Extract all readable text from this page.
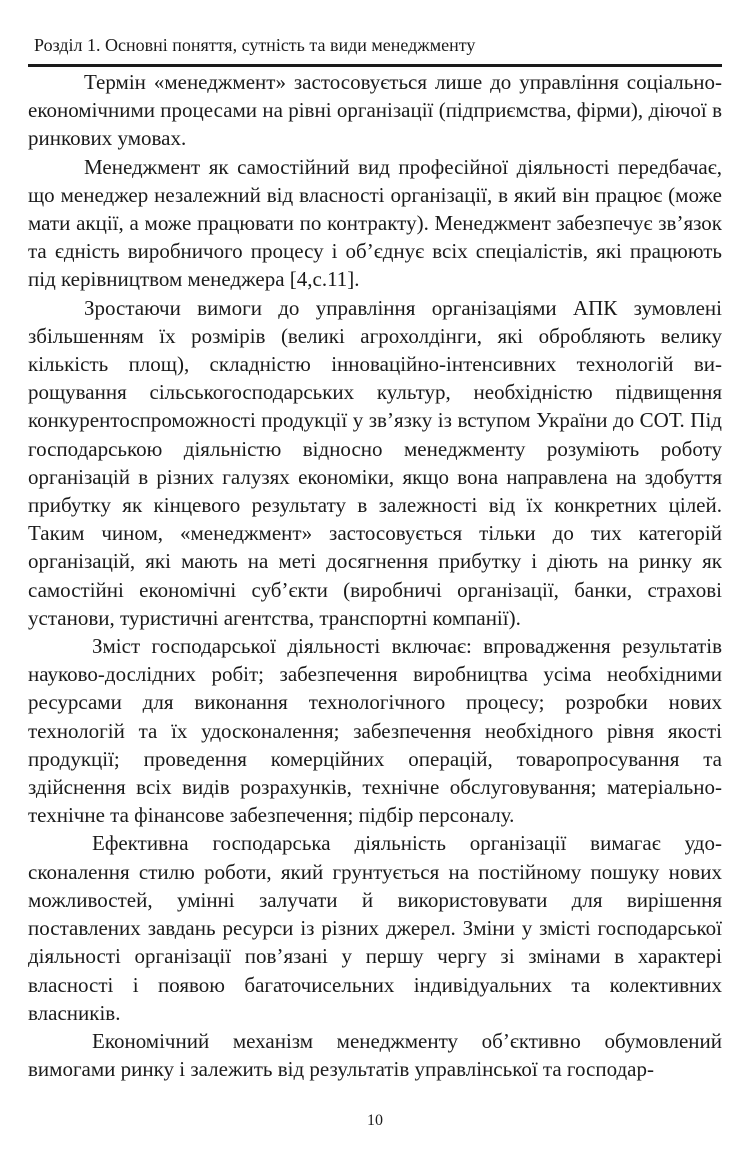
Розділ 1. Основні поняття, сутність та види менеджменту

Термін «менеджмент» застосовується лише до управління соціально-економічними процесами на рівні організації (підприємства, фірми), діючої в ринкових умовах.

Менеджмент як самостійний вид професійної діяльності передбачає, що менеджер незалежний від власності організації, в який він працює (може мати акції, а може працювати по контракту). Менеджмент забезпечує зв’язок та єдність виробничого процесу і об’єднує всіх спеціалістів, які працюють під керівництвом менеджера [4,с.11].

Зростаючи вимоги до управління організаціями АПК зумовлені збільшенням їх розмірів (великі агрохолдінги, які обробляють велику кількість площ), складністю інноваційно-інтенсивних технологій вирощування сільськогосподарських культур, необхідністю підвищення конкурентоспроможності продукції у зв’язку із вступом України до СОТ. Під господарською діяльністю відносно менеджменту розуміють роботу організацій в різних галузях економіки, якщо вона направлена на здобуття прибутку як кінцевого результату в залежності від їх конкретних цілей. Таким чином, «менеджмент» застосовується тільки до тих категорій організацій, які мають на меті досягнення прибутку і діють на ринку як самостійні економічні суб’єкти (виробничі організації, банки, страхові установи, туристичні агентства, транспортні компанії).

Зміст господарської діяльності включає: впровадження результатів науково-дослідних робіт; забезпечення виробництва усіма необхідними ресурсами для виконання технологічного процесу; розробки нових технологій та їх удосконалення; забезпечення необхідного рівня якості продукції; проведення комерційних операцій, товаропросування та здійснення всіх видів розрахунків, технічне обслуговування; матеріально-технічне та фінансове забезпечення; підбір персоналу.

Ефективна господарська діяльність організації вимагає удосконалення стилю роботи, який грунтується на постійному пошуку нових можливостей, умінні залучати й використовувати для вирішення поставлених завдань ресурси із різних джерел. Зміни у змісті господарської діяльності організації пов’язані у першу чергу зі змінами в характері власності і появою багаточисельних індивідуальних та колективних власників.

Економічний механізм менеджменту об’єктивно обумовлений вимогами ринку і залежить від результатів управлінської та господар-

10
